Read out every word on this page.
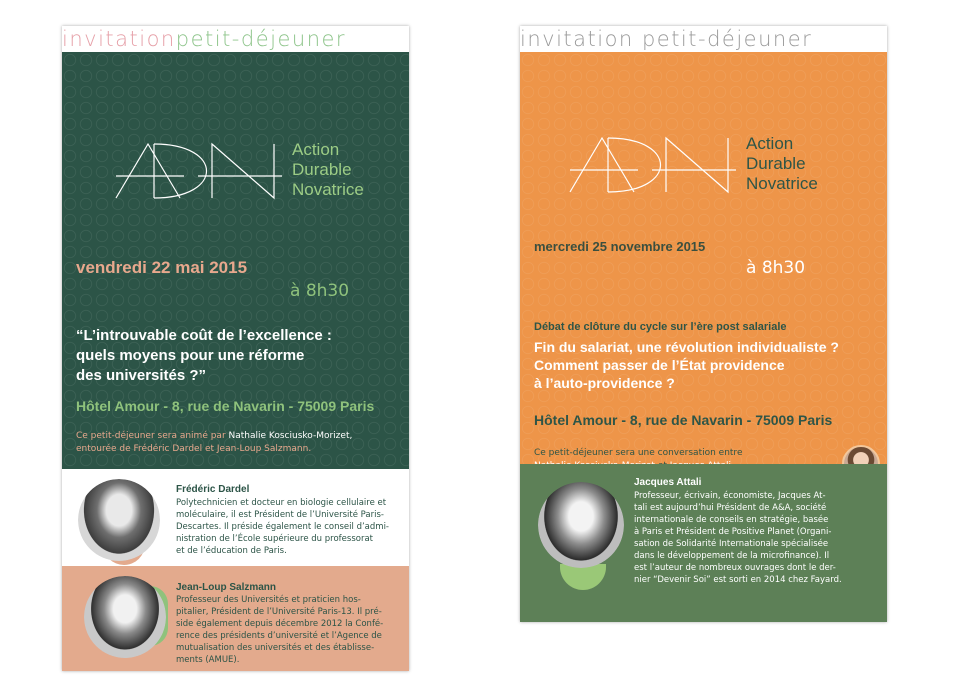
invitationpetit-déjeuner
Action
Durable
Novatrice
vendredi 22 mai 2015
à 8h30
“L’introuvable coût de l’excellence :
quels moyens pour une réforme
des universités ?”
Hôtel Amour - 8, rue de Navarin - 75009 Paris
Ce petit-déjeuner sera animé par Nathalie Kosciusko-Morizet,
entourée de Frédéric Dardel et Jean-Loup Salzmann.
Frédéric Dardel
Polytechnicien et docteur en biologie cellulaire et
moléculaire, il est Président de l’Université Paris-
Descartes. Il préside également le conseil d’admi-
nistration de l’École supérieure du professorat
et de l’éducation de Paris.
Jean-Loup Salzmann
Professeur des Universités et praticien hos-
pitalier, Président de l’Université Paris-13. Il pré-
side également depuis décembre 2012 la Confé-
rence des présidents d’université et l’Agence de
mutualisation des universités et des établisse-
ments (AMUE).
invitation petit-déjeuner
Action
Durable
Novatrice
mercredi 25 novembre 2015
à 8h30
Débat de clôture du cycle sur l’ère post salariale
Fin du salariat, une révolution individualiste ?
Comment passer de l’État providence
à l’auto-providence ?
Hôtel Amour - 8, rue de Navarin - 75009 Paris
Ce petit-déjeuner sera une conversation entre
Jacques Attali
Professeur, écrivain, économiste, Jacques At-
tali est aujourd’hui Président de A&A, société
internationale de conseils en stratégie, basée
à Paris et Président de Positive Planet (Organi-
sation de Solidarité Internationale spécialisée
dans le développement de la microfinance). Il
est l’auteur de nombreux ouvrages dont le der-
nier “Devenir Soi” est sorti en 2014 chez Fayard.
